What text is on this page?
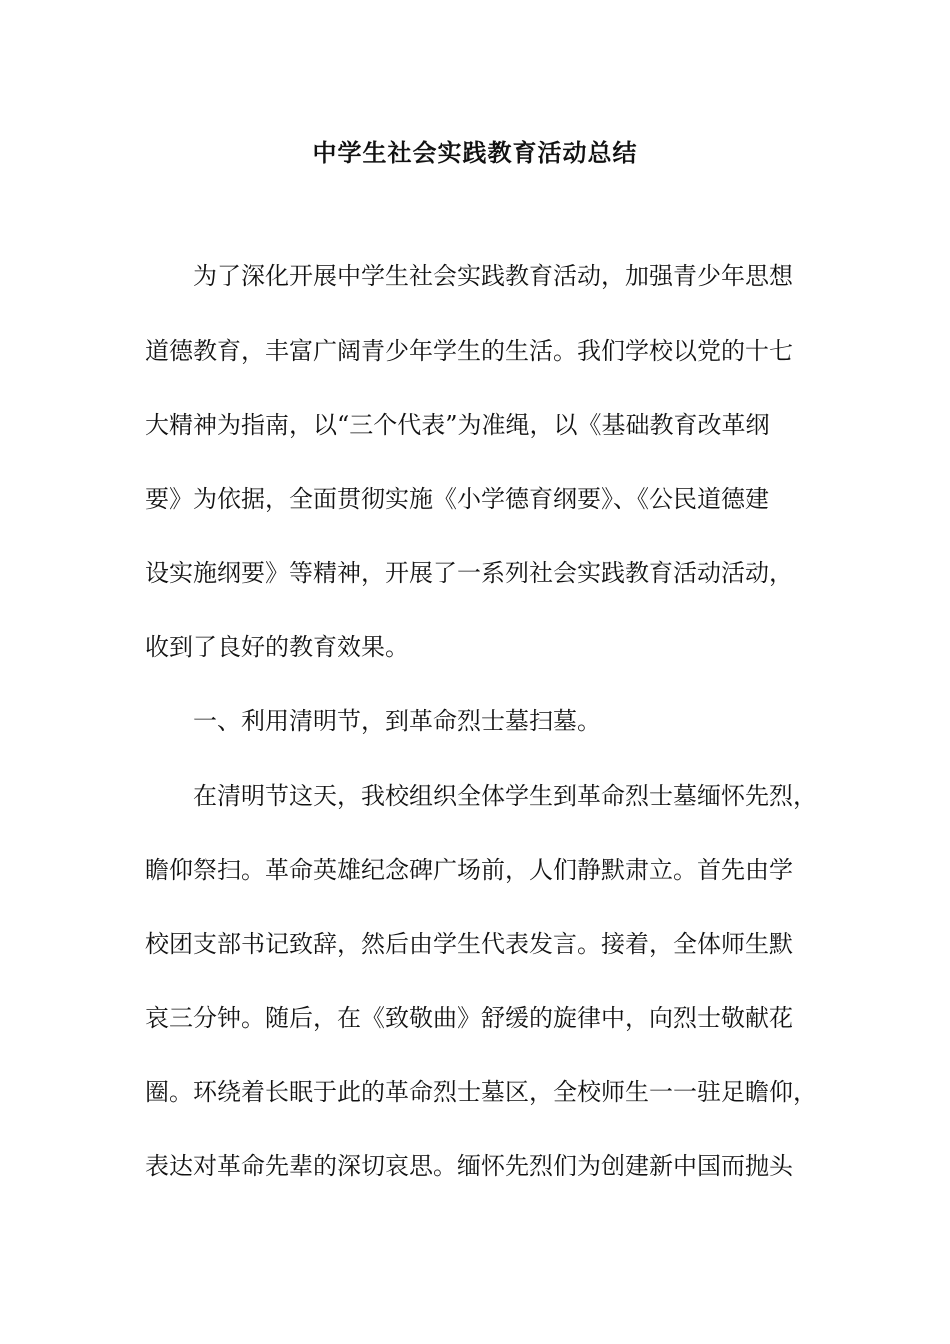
中学生社会实践教育活动总结
为了深化开展中学生社会实践教育活动，加强青少年思想
道德教育，丰富广阔青少年学生的生活。我们学校以党的十七
大精神为指南，以“三个代表”为准绳，以《基础教育改革纲
要》为依据，全面贯彻实施《小学德育纲要》、《公民道德建
设实施纲要》等精神，开展了一系列社会实践教育活动活动，
收到了良好的教育效果。
一、利用清明节，到革命烈士墓扫墓。
在清明节这天，我校组织全体学生到革命烈士墓缅怀先烈，
瞻仰祭扫。革命英雄纪念碑广场前，人们静默肃立。首先由学
校团支部书记致辞，然后由学生代表发言。接着，全体师生默
哀三分钟。随后，在《致敬曲》舒缓的旋律中，向烈士敬献花
圈。环绕着长眠于此的革命烈士墓区，全校师生一一驻足瞻仰，
表达对革命先辈的深切哀思。缅怀先烈们为创建新中国而抛头
